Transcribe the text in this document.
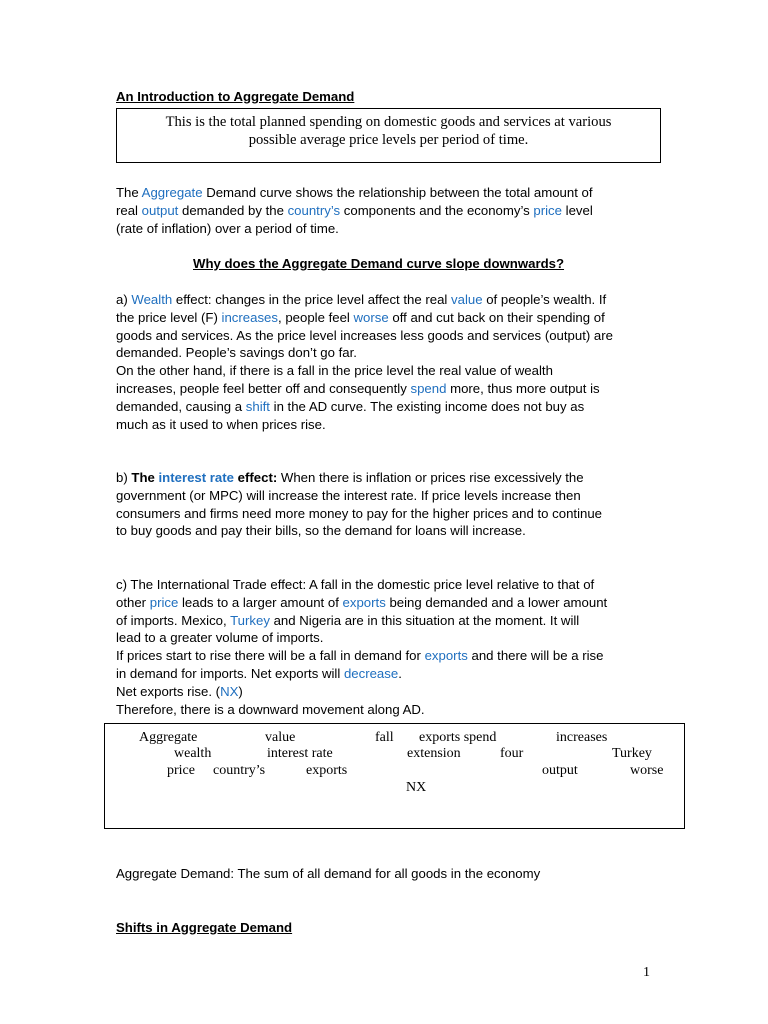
An Introduction to Aggregate Demand
This is the total planned spending on domestic goods and services at various
possible average price levels per period of time.
The Aggregate Demand curve shows the relationship between the total amount of
real output demanded by the country’s components and the economy’s price level
(rate of inflation) over a period of time.
Why does the Aggregate Demand curve slope downwards?
a) Wealth effect: changes in the price level affect the real value of people’s wealth. If
the price level (F) increases, people feel worse off and cut back on their spending of
goods and services. As the price level increases less goods and services (output) are
demanded. People’s savings don’t go far.
On the other hand, if there is a fall in the price level the real value of wealth
increases, people feel better off and consequently spend more, thus more output is
demanded, causing a shift in the AD curve. The existing income does not buy as
much as it used to when prices rise.
b) The interest rate effect: When there is inflation or prices rise excessively the
government (or MPC) will increase the interest rate. If price levels increase then
consumers and firms need more money to pay for the higher prices and to continue
to buy goods and pay their bills, so the demand for loans will increase.
c) The International Trade effect: A fall in the domestic price level relative to that of
other price leads to a larger amount of exports being demanded and a lower amount
of imports. Mexico, Turkey and Nigeria are in this situation at the moment. It will
lead to a greater volume of imports.
If prices start to rise there will be a fall in demand for exports and there will be a rise
in demand for imports. Net exports will decrease.
Net exports rise. (NX)
Therefore, there is a downward movement along AD.
Aggregate	value	fall exports spend	increases
wealth	interest rate	extension	four	Turkey
price country’s	exports	output	worse
NX
Aggregate Demand: The sum of all demand for all goods in the economy
Shifts in Aggregate Demand
1
